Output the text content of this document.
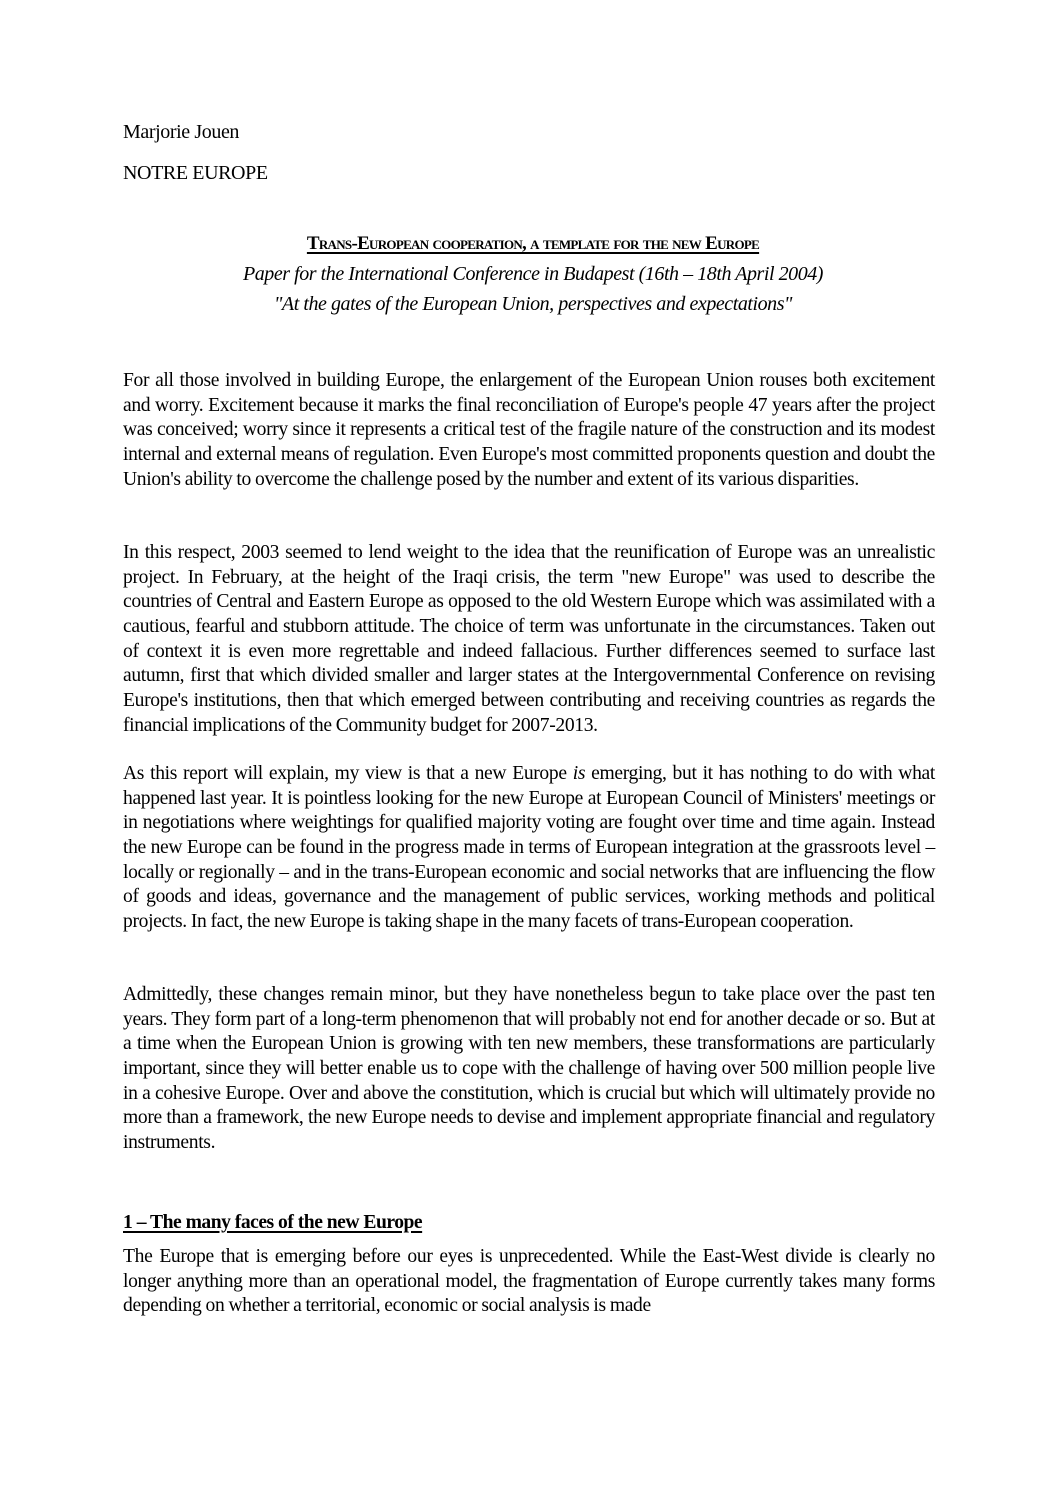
Marjorie Jouen
NOTRE EUROPE
Trans-European cooperation, a template for the new Europe
Paper for the International Conference in Budapest (16th – 18th April 2004)
"At the gates of the European Union, perspectives and expectations"
For all those involved in building Europe, the enlargement of the European Union rouses both excitement and worry. Excitement because it marks the final reconciliation of Europe's people 47 years after the project was conceived; worry since it represents a critical test of the fragile nature of the construction and its modest internal and external means of regulation. Even Europe's most committed proponents question and doubt the Union's ability to overcome the challenge posed by the number and extent of its various disparities.
In this respect, 2003 seemed to lend weight to the idea that the reunification of Europe was an unrealistic project. In February, at the height of the Iraqi crisis, the term "new Europe" was used to describe the countries of Central and Eastern Europe as opposed to the old Western Europe which was assimilated with a cautious, fearful and stubborn attitude. The choice of term was unfortunate in the circumstances. Taken out of context it is even more regrettable and indeed fallacious. Further differences seemed to surface last autumn, first that which divided smaller and larger states at the Intergovernmental Conference on revising Europe's institutions, then that which emerged between contributing and receiving countries as regards the financial implications of the Community budget for 2007-2013.
As this report will explain, my view is that a new Europe is emerging, but it has nothing to do with what happened last year. It is pointless looking for the new Europe at European Council of Ministers' meetings or in negotiations where weightings for qualified majority voting are fought over time and time again. Instead the new Europe can be found in the progress made in terms of European integration at the grassroots level – locally or regionally – and in the trans-European economic and social networks that are influencing the flow of goods and ideas, governance and the management of public services, working methods and political projects. In fact, the new Europe is taking shape in the many facets of trans-European cooperation.
Admittedly, these changes remain minor, but they have nonetheless begun to take place over the past ten years. They form part of a long-term phenomenon that will probably not end for another decade or so. But at a time when the European Union is growing with ten new members, these transformations are particularly important, since they will better enable us to cope with the challenge of having over 500 million people live in a cohesive Europe. Over and above the constitution, which is crucial but which will ultimately provide no more than a framework, the new Europe needs to devise and implement appropriate financial and regulatory instruments.
1 – The many faces of the new Europe
The Europe that is emerging before our eyes is unprecedented. While the East-West divide is clearly no longer anything more than an operational model, the fragmentation of Europe currently takes many forms depending on whether a territorial, economic or social analysis is made
